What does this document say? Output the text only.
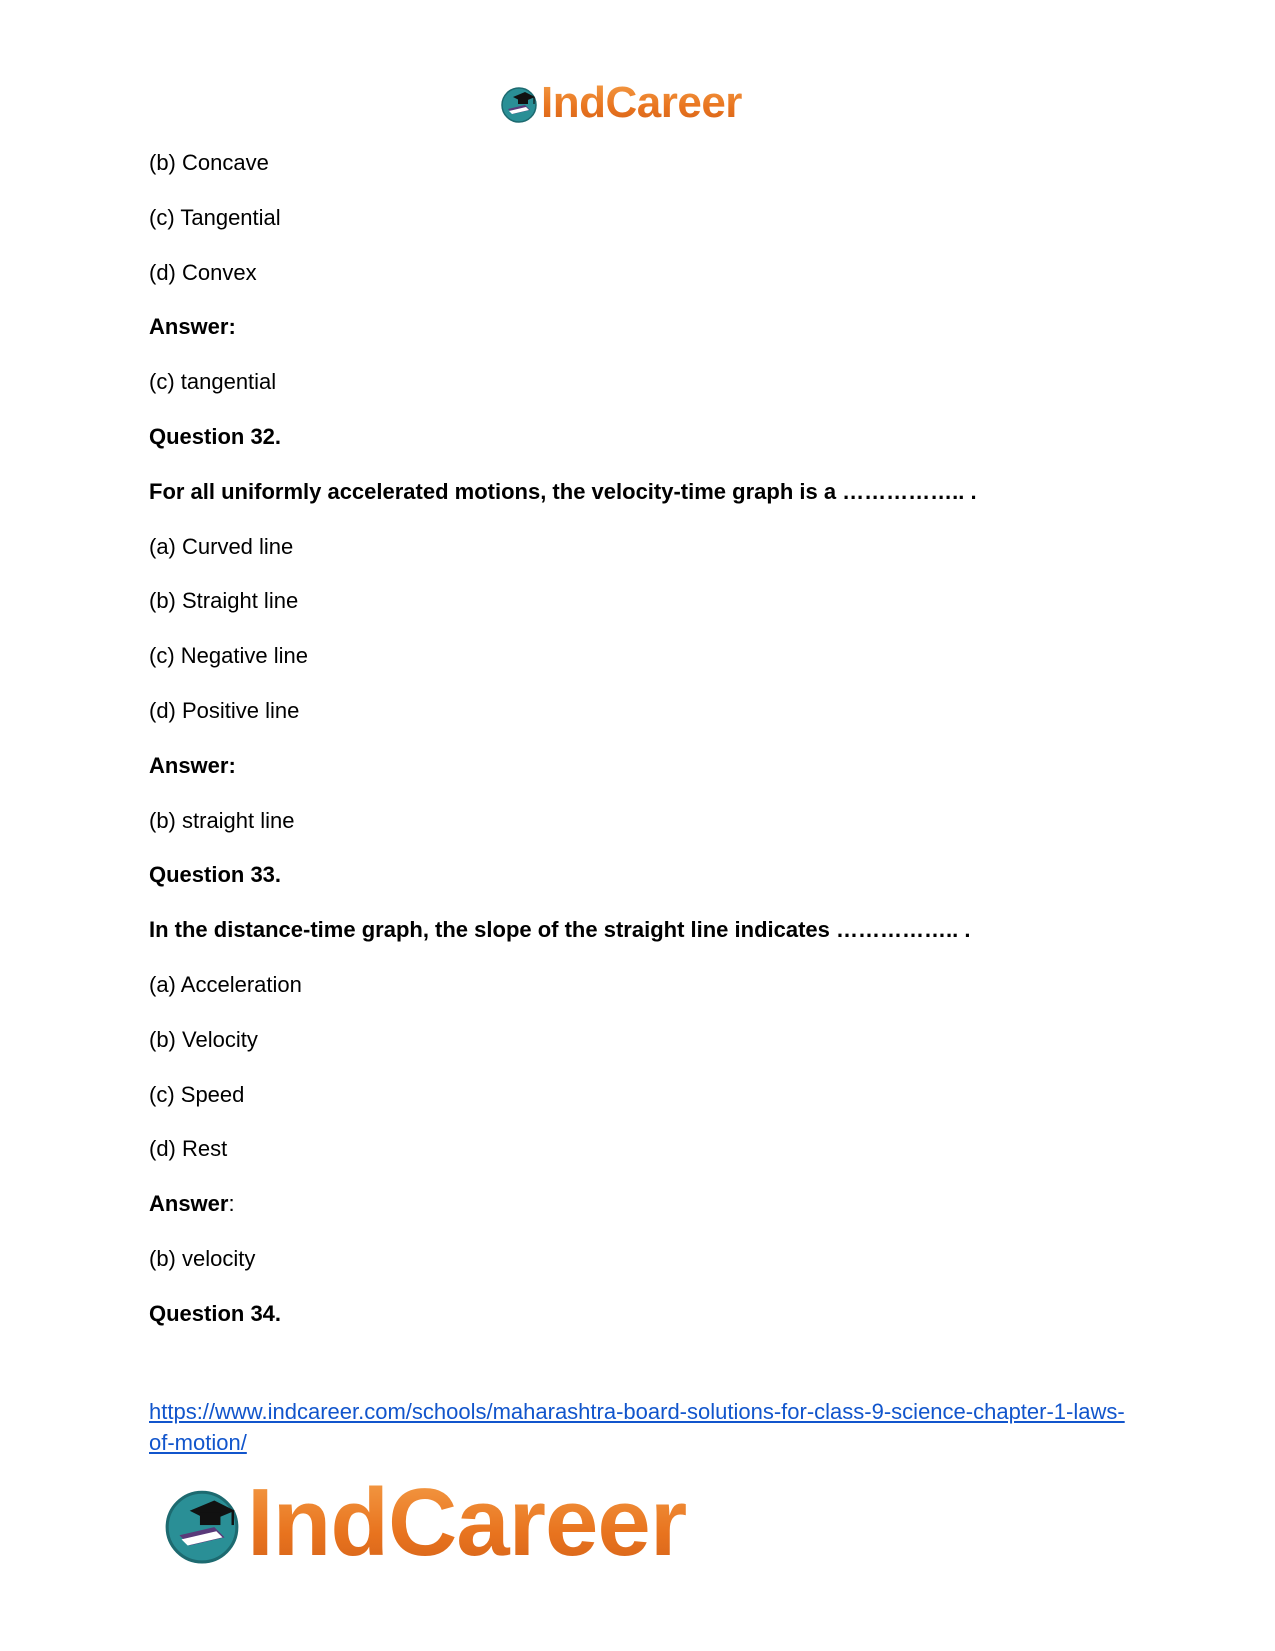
IndCareer
(b) Concave
(c) Tangential
(d) Convex
Answer:
(c) tangential
Question 32.
For all uniformly accelerated motions, the velocity-time graph is a …………….. .
(a) Curved line
(b) Straight line
(c) Negative line
(d) Positive line
Answer:
(b) straight line
Question 33.
In the distance-time graph, the slope of the straight line indicates …………….. .
(a) Acceleration
(b) Velocity
(c) Speed
(d) Rest
Answer:
(b) velocity
Question 34.
https://www.indcareer.com/schools/maharashtra-board-solutions-for-class-9-science-chapter-1-laws-of-motion/
IndCareer
